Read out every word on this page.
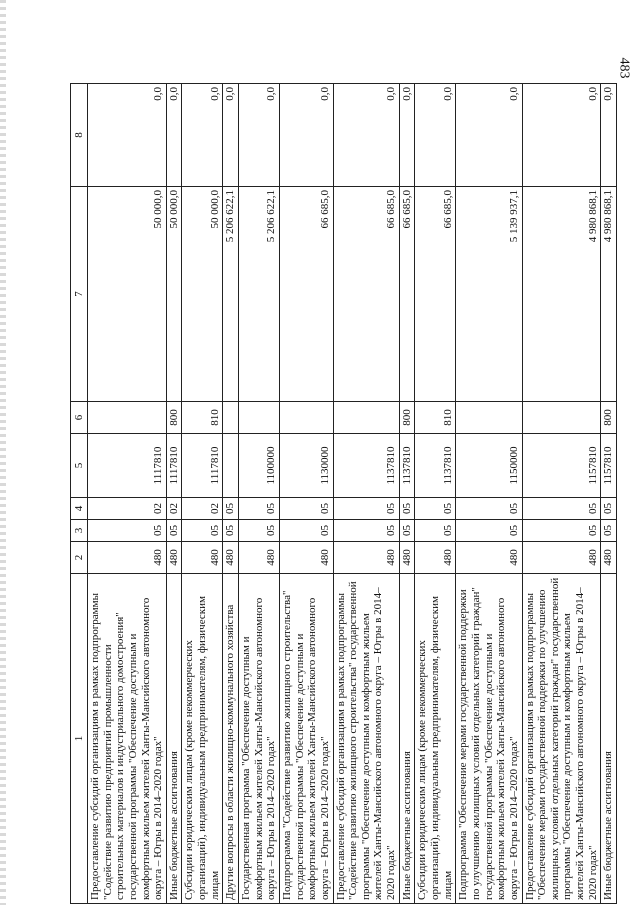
483
1	2	3	4	5	6	7	8
Предоставление субсидий организациям в рамках подпрограммы "Содействие развитию предприятий промышленности строительных материалов и индустриального домостроения" государственной программы "Обеспечение доступным и комфортным жильем жителей Ханты-Мансийского автономного округа – Югры в 2014–2020 годах"	480	05	02	1117810		50 000,0	0,0
Иные бюджетные ассигнования	480	05	02	1117810	800	50 000,0	0,0
Субсидии юридическим лицам (кроме некоммерческих организаций), индивидуальным предпринимателям, физическим лицам	480	05	02	1117810	810	50 000,0	0,0
Другие вопросы в области жилищно-коммунального хозяйства	480	05	05			5 206 622,1	0,0
Государственная программа "Обеспечение доступным и комфортным жильем жителей Ханты-Мансийского автономного округа – Югры в 2014–2020 годах"	480	05	05	1100000		5 206 622,1	0,0
Подпрограмма "Содействие развитию жилищного строительства" государственной программы "Обеспечение доступным и комфортным жильем жителей Ханты-Мансийского автономного округа – Югры в 2014–2020 годах"	480	05	05	1130000		66 685,0	0,0
Предоставление субсидий организациям в рамках подпрограммы "Содействие развитию жилищного строительства" государственной программы "Обеспечение доступным и комфортным жильем жителей Ханты-Мансийского автономного округа – Югры в 2014–2020 годах"	480	05	05	1137810		66 685,0	0,0
Иные бюджетные ассигнования	480	05	05	1137810	800	66 685,0	0,0
Субсидии юридическим лицам (кроме некоммерческих организаций), индивидуальным предпринимателям, физическим лицам	480	05	05	1137810	810	66 685,0	0,0
Подпрограмма "Обеспечение мерами государственной поддержки по улучшению жилищных условий отдельных категорий граждан" государственной программы "Обеспечение доступным и комфортным жильем жителей Ханты-Мансийского автономного округа – Югры в 2014–2020 годах"	480	05	05	1150000		5 139 937,1	0,0
Предоставление субсидий организациям в рамках подпрограммы "Обеспечение мерами государственной поддержки по улучшению жилищных условий отдельных категорий граждан" государственной программы "Обеспечение доступным и комфортным жильем жителей Ханты-Мансийского автономного округа – Югры в 2014–2020 годах"	480	05	05	1157810		4 980 868,1	0,0
Иные бюджетные ассигнования	480	05	05	1157810	800	4 980 868,1	0,0
